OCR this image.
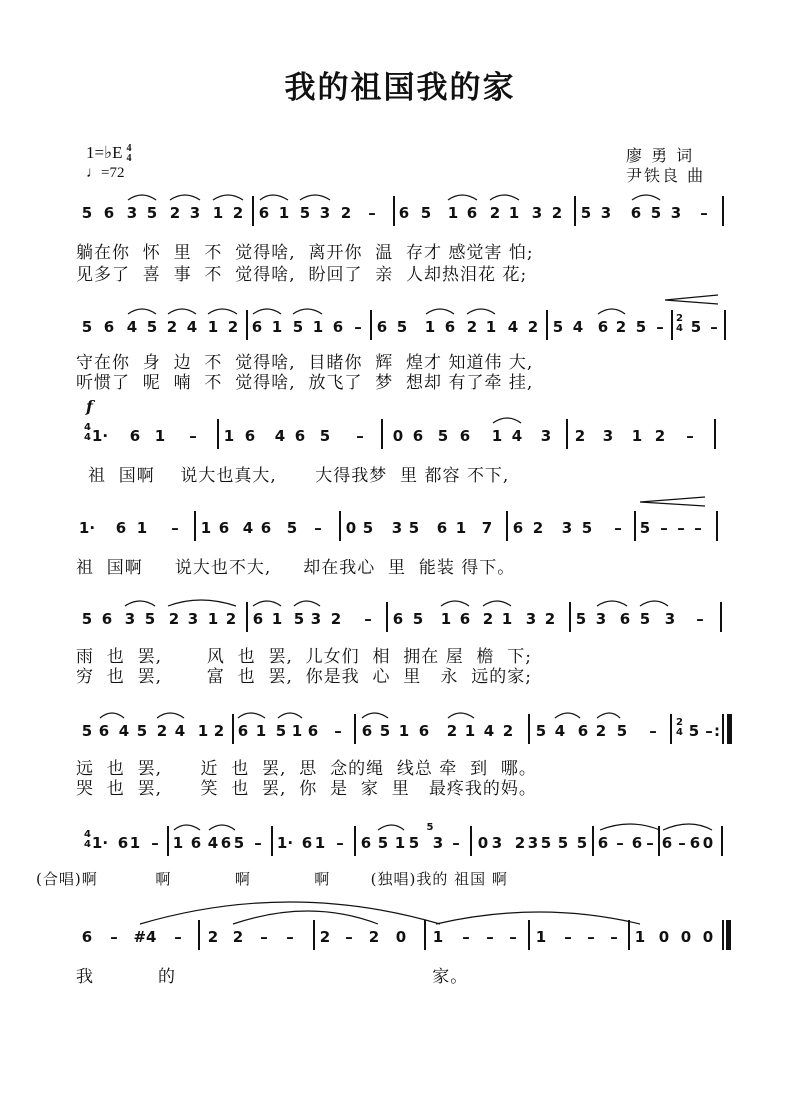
我的祖国我的家
1=♭E 4
4
♩=72
廖 勇 词
尹铁良 曲
5 6 3 5 2 3 1 2 6 1 5 3 2 – 6 5 1 6 2 1 3 2 5 3 6 5 3 –
躺在你  怀  里  不  觉得啥,  离开你  温  存才 感觉害 怕;
见多了  喜  事  不  觉得啥,  盼回了  亲  人却热泪花 花;
5 6 4 5 2 4 1 2 6 1 5 1 6 – 6 5 1 6 2 1 4 2 5 4 6 2 5 – 2
4 5 –
守在你  身  边  不  觉得啥,  目睹你  辉  煌才 知道伟 大,
听惯了  呢  喃  不  觉得啥,  放飞了  梦  想却 有了牵 挂,
f
4
4 1· 6 1 – 1 6 4 6 5 – 0 6 5 6 1 4 3 2 3 1 2 –
祖  国啊    说大也真大,      大得我梦  里 都容 不下,
1· 6 1 – 1 6 4 6 5 – 0 5 3 5 6 1 7 6 2 3 5 – 5 – – –
祖  国啊     说大也不大,     却在我心  里  能装 得下。
5 6 3 5 2 3 1 2 6 1 5 3 2 – 6 5 1 6 2 1 3 2 5 3 6 5 3 –
雨  也  罢,       风  也  罢,  儿女们  相  拥在 屋  檐  下;
穷  也  罢,       富  也  罢,  你是我  心  里   永  远的家;
5 6 4 5 2 4 1 2 6 1 5 1 6 – 6 5 1 6 2 1 4 2 5 4 6 2 5 – 2
4 5 – :
远  也  罢,      近  也  罢,  思  念的绳  线总 牵  到  哪。
哭  也  罢,      笑  也  罢,  你  是  家  里   最疼我的妈。
4
4 1· 6 1 – 1 6 4 6 5 – 1· 6 1 – 6 5 1 5
5
3 – 0 3 2 3 5 5 5 6 – 6 – 6 – 6 0
(合唱)啊          啊           啊           啊       (独唱)我的 祖国 啊
6 – #4 – 2 2 – – 2 – 2 0 1 – – – 1 – – – 1 0 0 0
我          的                                        家。
